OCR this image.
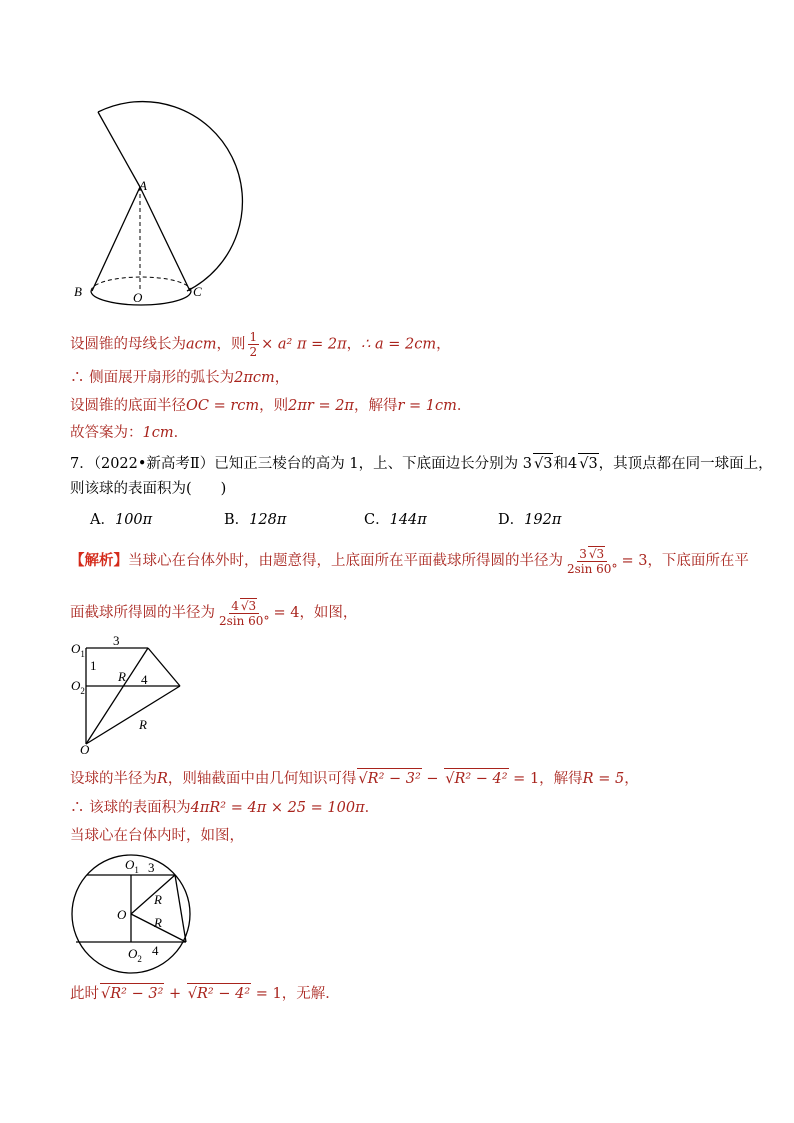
A
B	O	C
设圆锥的母线长为acm，则 $\frac{1}{2} \times a^2$ π = 2π，∴ a = 2cm，
∴ 侧面展开扇形的弧长为2πcm，
设圆锥的底面半径OC = rcm，则2πr = 2π，解得r = 1cm．
故答案为：1cm．
7．（2022•新高考Ⅱ）已知正三棱台的高为 1，上、下底面边长分别为 3 √ 3和4 √ 3，其顶点都在同一球面上，
则该球的表面积为(　　)
A．100π	B．128π	C．144π	D．192π
【解析】当球心在台体外时，由题意得，上底面所在平面截球所得圆的半径为 $\frac{3 √ 3}{2\sin 60^\circ} = 3$，下底面所在平
面截球所得圆的半径为 $\frac{4 √ 3}{2\sin 60^\circ} = 4$，如图，
$O_1$
$O_2$
O
3
1
R 4
R
设球的半径为R，则轴截面中由几何知识可得 √ R² − 3² − √ R² − 4² = 1，解得R = 5，
∴ 该球的表面积为4πR² = 4π × 25 = 100π．
当球心在台体内时，如图，
$O_1$ 3
O
R
R
$O_2$
4
此时 √ R² − 3² + √ R² − 4² = 1，无解．
